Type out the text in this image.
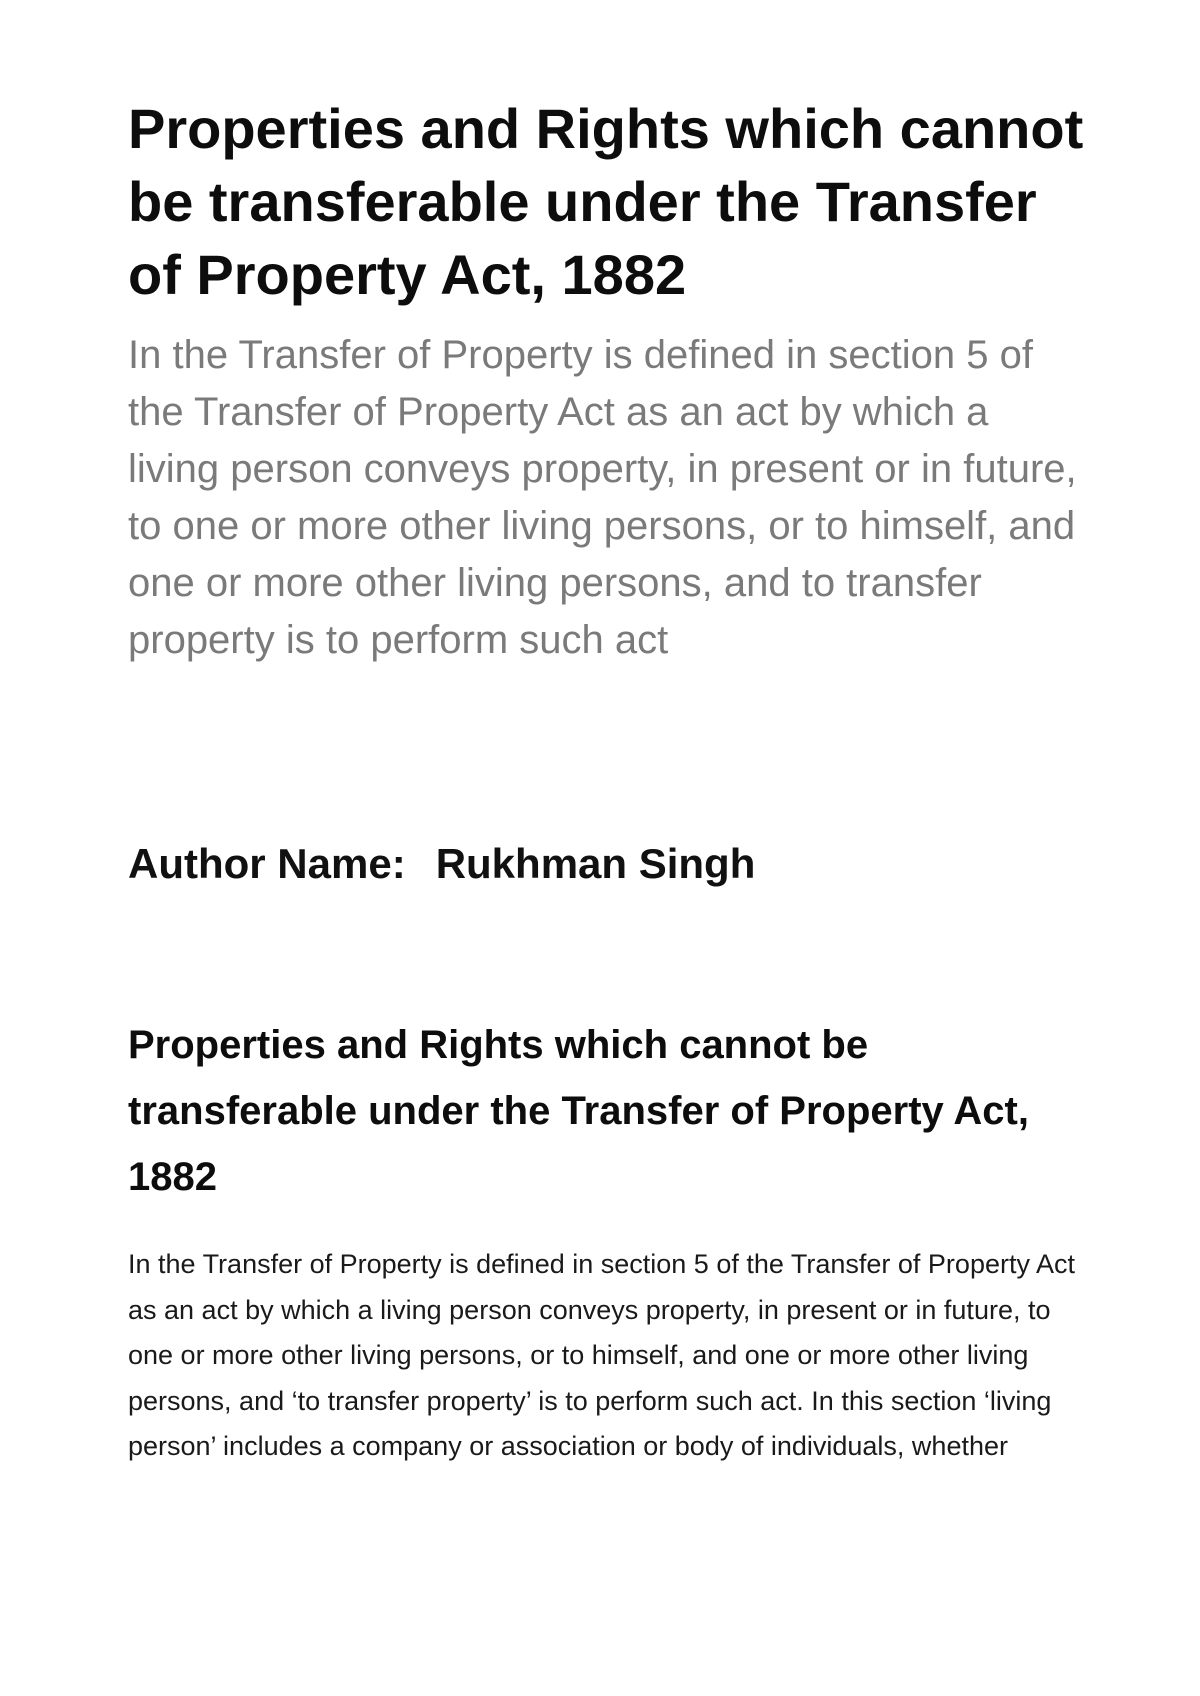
Properties and Rights which cannot be transferable under the Transfer of Property Act, 1882

In the Transfer of Property is defined in section 5 of the Transfer of Property Act as an act by which a living person conveys property, in present or in future, to one or more other living persons, or to himself, and one or more other living persons, and to transfer property is to perform such act

Author Name: Rukhman Singh
Properties and Rights which cannot be transferable under the Transfer of Property Act, 1882

In the Transfer of Property is defined in section 5 of the Transfer of Property Act as an act by which a living person conveys property, in present or in future, to one or more other living persons, or to himself, and one or more other living persons, and ‘to transfer property’ is to perform such act. In this section ‘living person’ includes a company or association or body of individuals, whether
